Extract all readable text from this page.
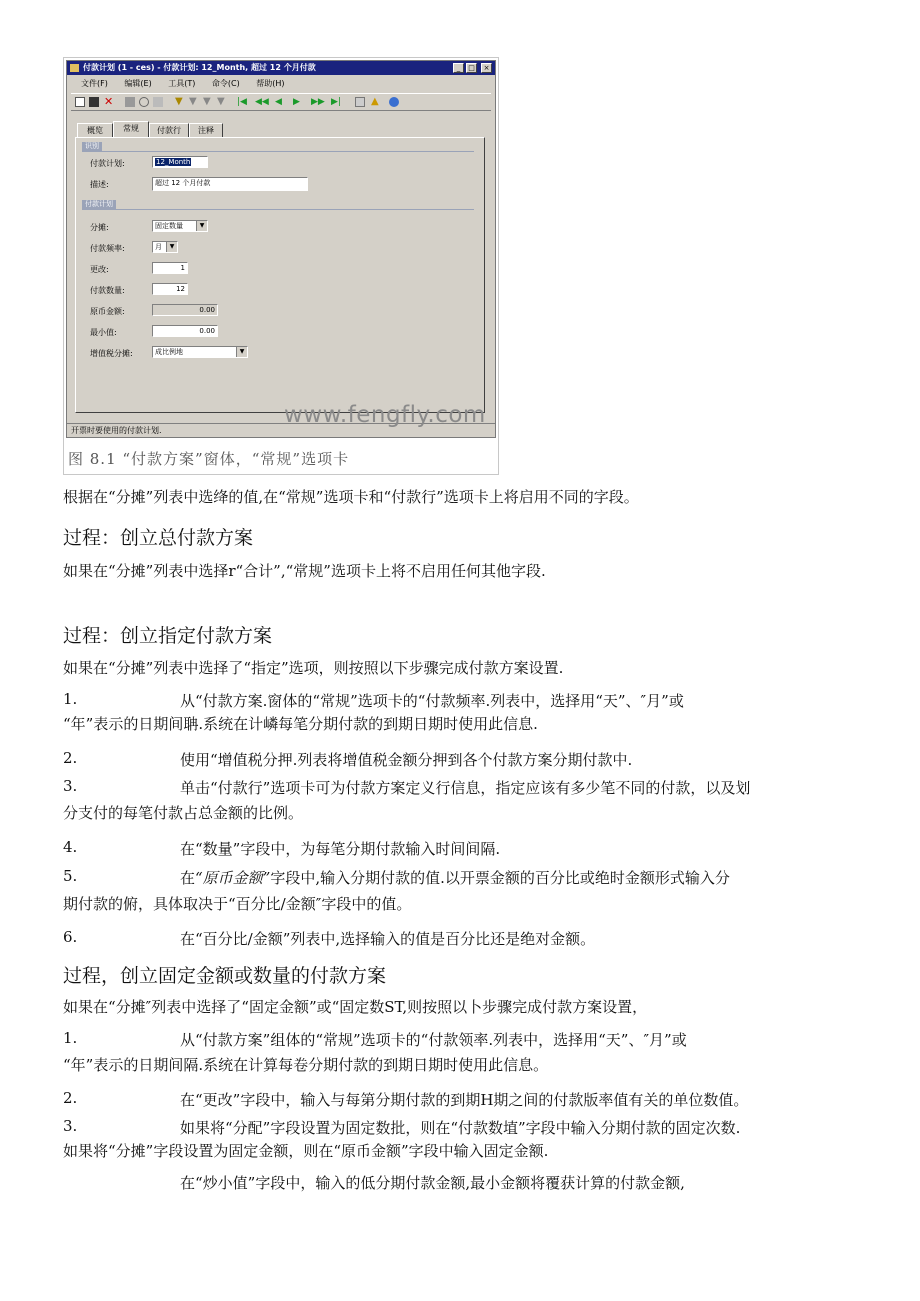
付款计划 (1 - ces) - 付款计划: 12_Month, 超过 12 个月付款	_	□	×
文件(F) 编辑(E) 工具(T) 命令(C) 帮助(H)
✕	▼ ▼ ▼ ▼ |◀ ◀◀ ◀	▶	▶▶ ▶|	▲
概览	常规	付款行	注释
识别
付款计划:	12_Month
描述:	超过 12 个月付款
付款计划
分摊:	固定数量	▼
付款频率:	月	▼
更改:	1
付款数量:	12
原币金额:	0.00
最小值:	0.00
增值税分摊:	成比例地	▼
开票时要使用的付款计划.
www.fengfly.com
图 8.1 “付款方案”窗体，“常规”选项卡
根据在“分摊”列表中选绛的值,在“常规”选项卡和“付款行”选项卡上将启用不同的字段。
过程：创立总付款方案
如果在“分摊”列表中选择r“合计”,“常规”选项卡上将不启用任何其他字段.
过程：创立指定付款方案
如果在“分摊”列表中选择了“指定”选项，则按照以下步骤完成付款方案设置.
1.	从“付款方案.窗体的“常规”选项卡的“付款频率.列表中，选择用“天”、″月”或
“年”表示的日期间聃.系统在计嶙每笔分期付款的到期日期时使用此信息.
2.	使用“增值税分押.列表将增值税金额分押到各个付款方案分期付款中.
3.	单击“付款行”选项卡可为付款方案定义行信息，指定应该有多少笔不同的付款，以及划
分支付的每笔付款占总金额的比例。
4.	在“数量”字段中，为每笔分期付款输入时间间隔.
5.	在“原币金额”字段中,输入分期付款的值.以开票金额的百分比或绝时金额形式输入分
期付款的俯，具体取决于“百分比/金额″字段中的值。
6.	在“百分比/金额”列表中,选择输入的值是百分比还是绝对金额。
过程，创立固定金额或数量的付款方案
如果在“分摊″列表中选择了“固定金额”或“固定数ST,则按照以卜步骤完成付款方案设置，
1.	从“付款方案”组体的“常规”选项卡的“付款领率.列表中，选择用“天”、″月”或
“年”表示的日期间隔.系统在计算每卷分期付款的到期日期时使用此信息。
2.	在“更改”字段中，输入与每第分期付款的到期H期之间的付款版率值有关的单位数值。
3.	如果将“分配”字段设置为固定数批，则在“付款数埴”字段中输入分期付款的固定次数.
如果将“分摊”字段设置为固定金额，则在“原币金额”字段中输入固定金额.
在“炒小值”字段中，输入的低分期付款金额,最小金额将覆获计算的付款金额,
